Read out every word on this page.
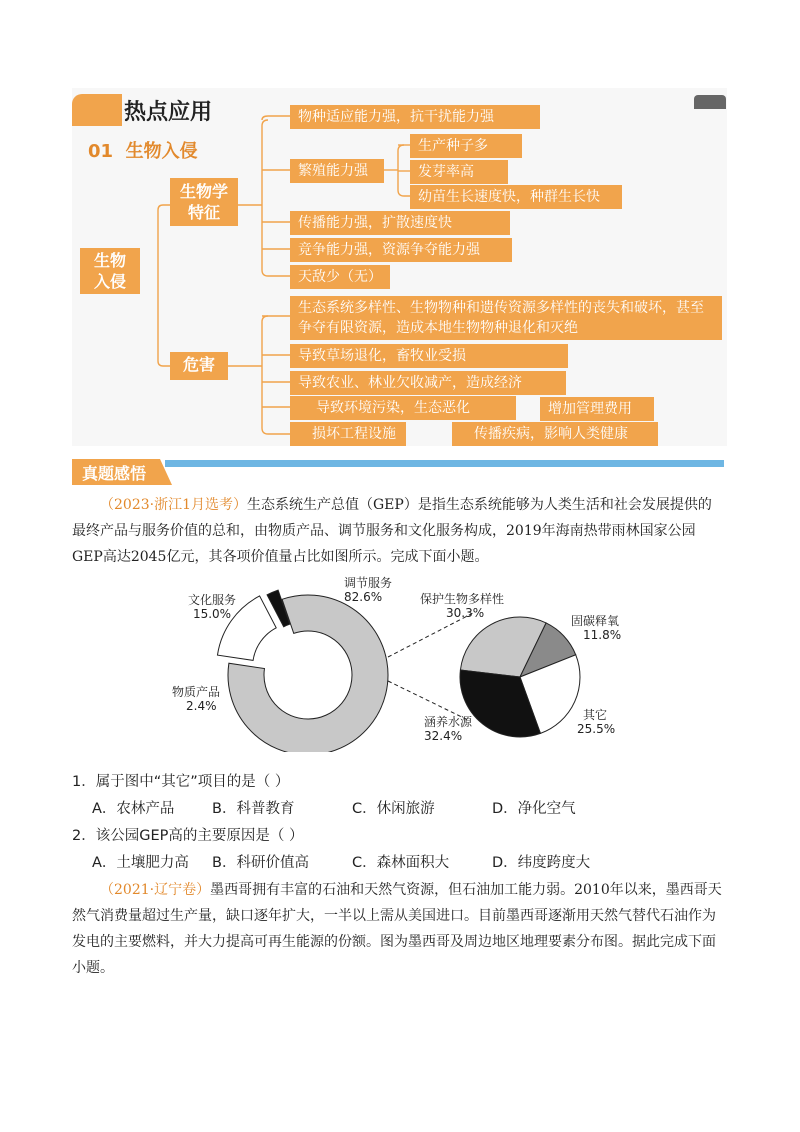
热点应用
01  生物入侵
生物
入侵
生物学
特征
危害
物种适应能力强，抗干扰能力强
繁殖能力强
生产种子多
发芽率高
幼苗生长速度快，种群生长快
传播能力强，扩散速度快
竞争能力强，资源争夺能力强
天敌少（无）
生态系统多样性、生物物种和遗传资源多样性的丧失和破坏，甚至争夺有限资源，造成本地生物物种退化和灭绝
导致草场退化，畜牧业受损
导致农业、林业欠收减产，造成经济
导致环境污染，生态恶化	增加管理费用
损坏工程设施	传播疾病，影响人类健康
真题感悟
（2023·浙江1月选考）生态系统生产总值（GEP）是指生态系统能够为人类生活和社会发展提供的最终产品与服务价值的总和，由物质产品、调节服务和文化服务构成，2019年海南热带雨林国家公园GEP高达2045亿元，其各项价值量占比如图所示。完成下面小题。
调节服务
82.6%
文化服务
15.0%
物质产品
2.4%
保护生物多样性
30.3%
固碳释氧
11.8%
其它
25.5%
涵养水源
32.4%
1．属于图中“其它”项目的是（ ）
A．农林产品	B．科普教育	C．休闲旅游	D．净化空气
2．该公园GEP高的主要原因是（ ）
A．土壤肥力高 B．科研价值高	C．森林面积大	D．纬度跨度大
（2021·辽宁卷）墨西哥拥有丰富的石油和天然气资源，但石油加工能力弱。2010年以来，墨西哥天然气消费量超过生产量，缺口逐年扩大，一半以上需从美国进口。目前墨西哥逐渐用天然气替代石油作为发电的主要燃料，并大力提高可再生能源的份额。图为墨西哥及周边地区地理要素分布图。据此完成下面小题。
